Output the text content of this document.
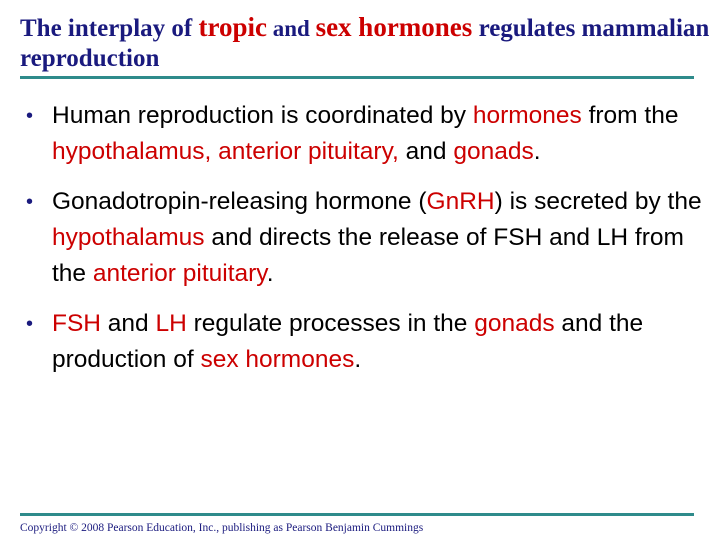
The interplay of tropic and sex hormones regulates mammalian reproduction
• Human reproduction is coordinated by hormones from the hypothalamus, anterior pituitary, and gonads.
• Gonadotropin-releasing hormone (GnRH) is secreted by the hypothalamus and directs the release of FSH and LH from the anterior pituitary.
• FSH and LH regulate processes in the gonads and the production of sex hormones.
Copyright © 2008 Pearson Education, Inc., publishing as Pearson Benjamin Cummings
